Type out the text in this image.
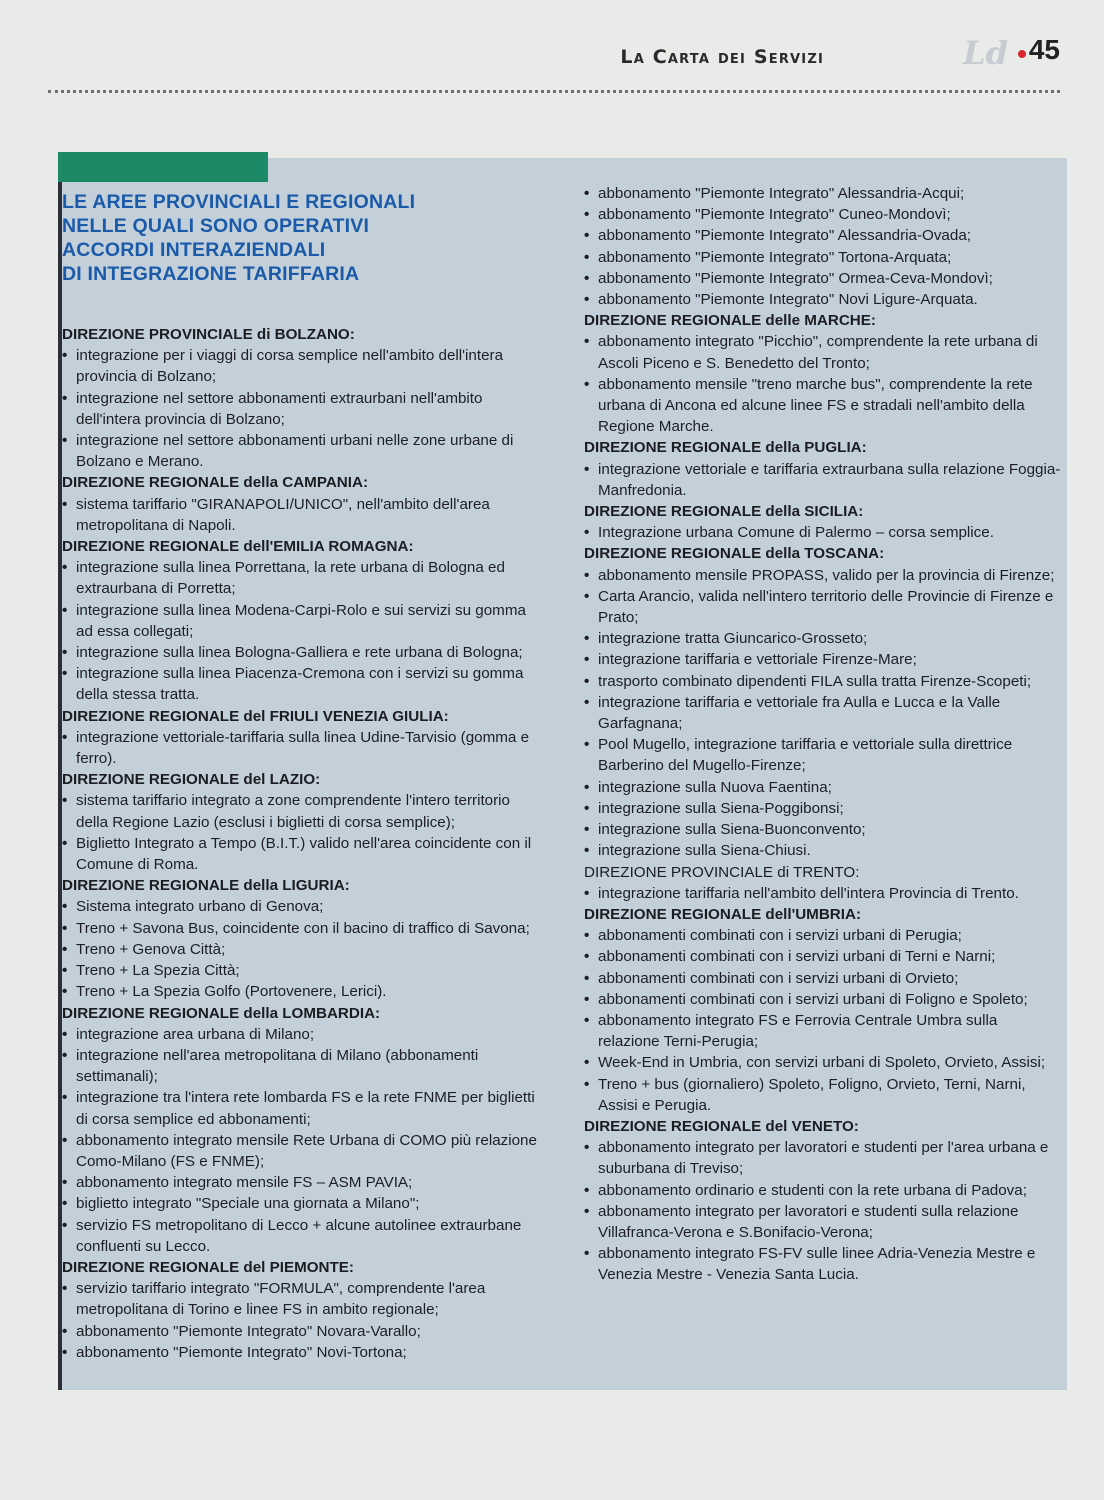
La Carta dei Servizi	Ld 45
LE AREE PROVINCIALI E REGIONALI
NELLE QUALI SONO OPERATIVI
ACCORDI INTERAZIENDALI
DI INTEGRAZIONE TARIFFARIA
DIREZIONE PROVINCIALE di BOLZANO:
• integrazione per i viaggi di corsa semplice nell'ambito dell'intera provincia di Bolzano;
• integrazione nel settore abbonamenti extraurbani nell'ambito dell'intera provincia di Bolzano;
• integrazione nel settore abbonamenti urbani nelle zone urbane di Bolzano e Merano.
DIREZIONE REGIONALE della CAMPANIA:
• sistema tariffario "GIRANAPOLI/UNICO", nell'ambito dell'area metropolitana di Napoli.
DIREZIONE REGIONALE dell'EMILIA ROMAGNA:
• integrazione sulla linea Porrettana, la rete urbana di Bologna ed extraurbana di Porretta;
• integrazione sulla linea Modena-Carpi-Rolo e sui servizi su gomma ad essa collegati;
• integrazione sulla linea Bologna-Galliera e rete urbana di Bologna;
• integrazione sulla linea Piacenza-Cremona con i servizi su gomma della stessa tratta.
DIREZIONE REGIONALE del FRIULI VENEZIA GIULIA:
• integrazione vettoriale-tariffaria sulla linea Udine-Tarvisio (gomma e ferro).
DIREZIONE REGIONALE del LAZIO:
• sistema tariffario integrato a zone comprendente l'intero territorio della Regione Lazio (esclusi i biglietti di corsa semplice);
• Biglietto Integrato a Tempo (B.I.T.) valido nell'area coincidente con il Comune di Roma.
DIREZIONE REGIONALE della LIGURIA:
• Sistema integrato urbano di Genova;
• Treno + Savona Bus, coincidente con il bacino di traffico di Savona;
• Treno + Genova Città;
• Treno + La Spezia Città;
• Treno + La Spezia Golfo (Portovenere, Lerici).
DIREZIONE REGIONALE della LOMBARDIA:
• integrazione area urbana di Milano;
• integrazione nell'area metropolitana di Milano (abbonamenti settimanali);
• integrazione tra l'intera rete lombarda FS e la rete FNME per biglietti di corsa semplice ed abbonamenti;
• abbonamento integrato mensile Rete Urbana di COMO più relazione Como-Milano (FS e FNME);
• abbonamento integrato mensile FS – ASM PAVIA;
• biglietto integrato "Speciale una giornata a Milano";
• servizio FS metropolitano di Lecco + alcune autolinee extraurbane confluenti su Lecco.
DIREZIONE REGIONALE del PIEMONTE:
• servizio tariffario integrato "FORMULA", comprendente l'area metropolitana di Torino e linee FS in ambito regionale;
• abbonamento "Piemonte Integrato" Novara-Varallo;
• abbonamento "Piemonte Integrato" Novi-Tortona;
• abbonamento "Piemonte Integrato" Alessandria-Acqui;
• abbonamento "Piemonte Integrato" Cuneo-Mondovì;
• abbonamento "Piemonte Integrato" Alessandria-Ovada;
• abbonamento "Piemonte Integrato" Tortona-Arquata;
• abbonamento "Piemonte Integrato" Ormea-Ceva-Mondovì;
• abbonamento "Piemonte Integrato" Novi Ligure-Arquata.
DIREZIONE REGIONALE delle MARCHE:
• abbonamento integrato "Picchio", comprendente la rete urbana di Ascoli Piceno e S. Benedetto del Tronto;
• abbonamento mensile "treno marche bus", comprendente la rete urbana di Ancona ed alcune linee FS e stradali nell'ambito della Regione Marche.
DIREZIONE REGIONALE della PUGLIA:
• integrazione vettoriale e tariffaria extraurbana sulla relazione Foggia-Manfredonia.
DIREZIONE REGIONALE della SICILIA:
• Integrazione urbana Comune di Palermo – corsa semplice.
DIREZIONE REGIONALE della TOSCANA:
• abbonamento mensile PROPASS, valido per la provincia di Firenze;
• Carta Arancio, valida nell'intero territorio delle Provincie di Firenze e Prato;
• integrazione tratta Giuncarico-Grosseto;
• integrazione tariffaria e vettoriale Firenze-Mare;
• trasporto combinato dipendenti FILA sulla tratta Firenze-Scopeti;
• integrazione tariffaria e vettoriale fra Aulla e Lucca e la Valle Garfagnana;
• Pool Mugello, integrazione tariffaria e vettoriale sulla direttrice Barberino del Mugello-Firenze;
• integrazione sulla Nuova Faentina;
• integrazione sulla Siena-Poggibonsi;
• integrazione sulla Siena-Buonconvento;
• integrazione sulla Siena-Chiusi.
DIREZIONE PROVINCIALE di TRENTO:
• integrazione tariffaria nell'ambito dell'intera Provincia di Trento.
DIREZIONE REGIONALE dell'UMBRIA:
• abbonamenti combinati con i servizi urbani di Perugia;
• abbonamenti combinati con i servizi urbani di Terni e Narni;
• abbonamenti combinati con i servizi urbani di Orvieto;
• abbonamenti combinati con i servizi urbani di Foligno e Spoleto;
• abbonamento integrato FS e Ferrovia Centrale Umbra sulla relazione Terni-Perugia;
• Week-End in Umbria, con servizi urbani di Spoleto, Orvieto, Assisi;
• Treno + bus (giornaliero) Spoleto, Foligno, Orvieto, Terni, Narni, Assisi e Perugia.
DIREZIONE REGIONALE del VENETO:
• abbonamento integrato per lavoratori e studenti per l'area urbana e suburbana di Treviso;
• abbonamento ordinario e studenti con la rete urbana di Padova;
• abbonamento integrato per lavoratori e studenti sulla relazione Villafranca-Verona e S.Bonifacio-Verona;
• abbonamento integrato FS-FV sulle linee Adria-Venezia Mestre e Venezia Mestre - Venezia Santa Lucia.
